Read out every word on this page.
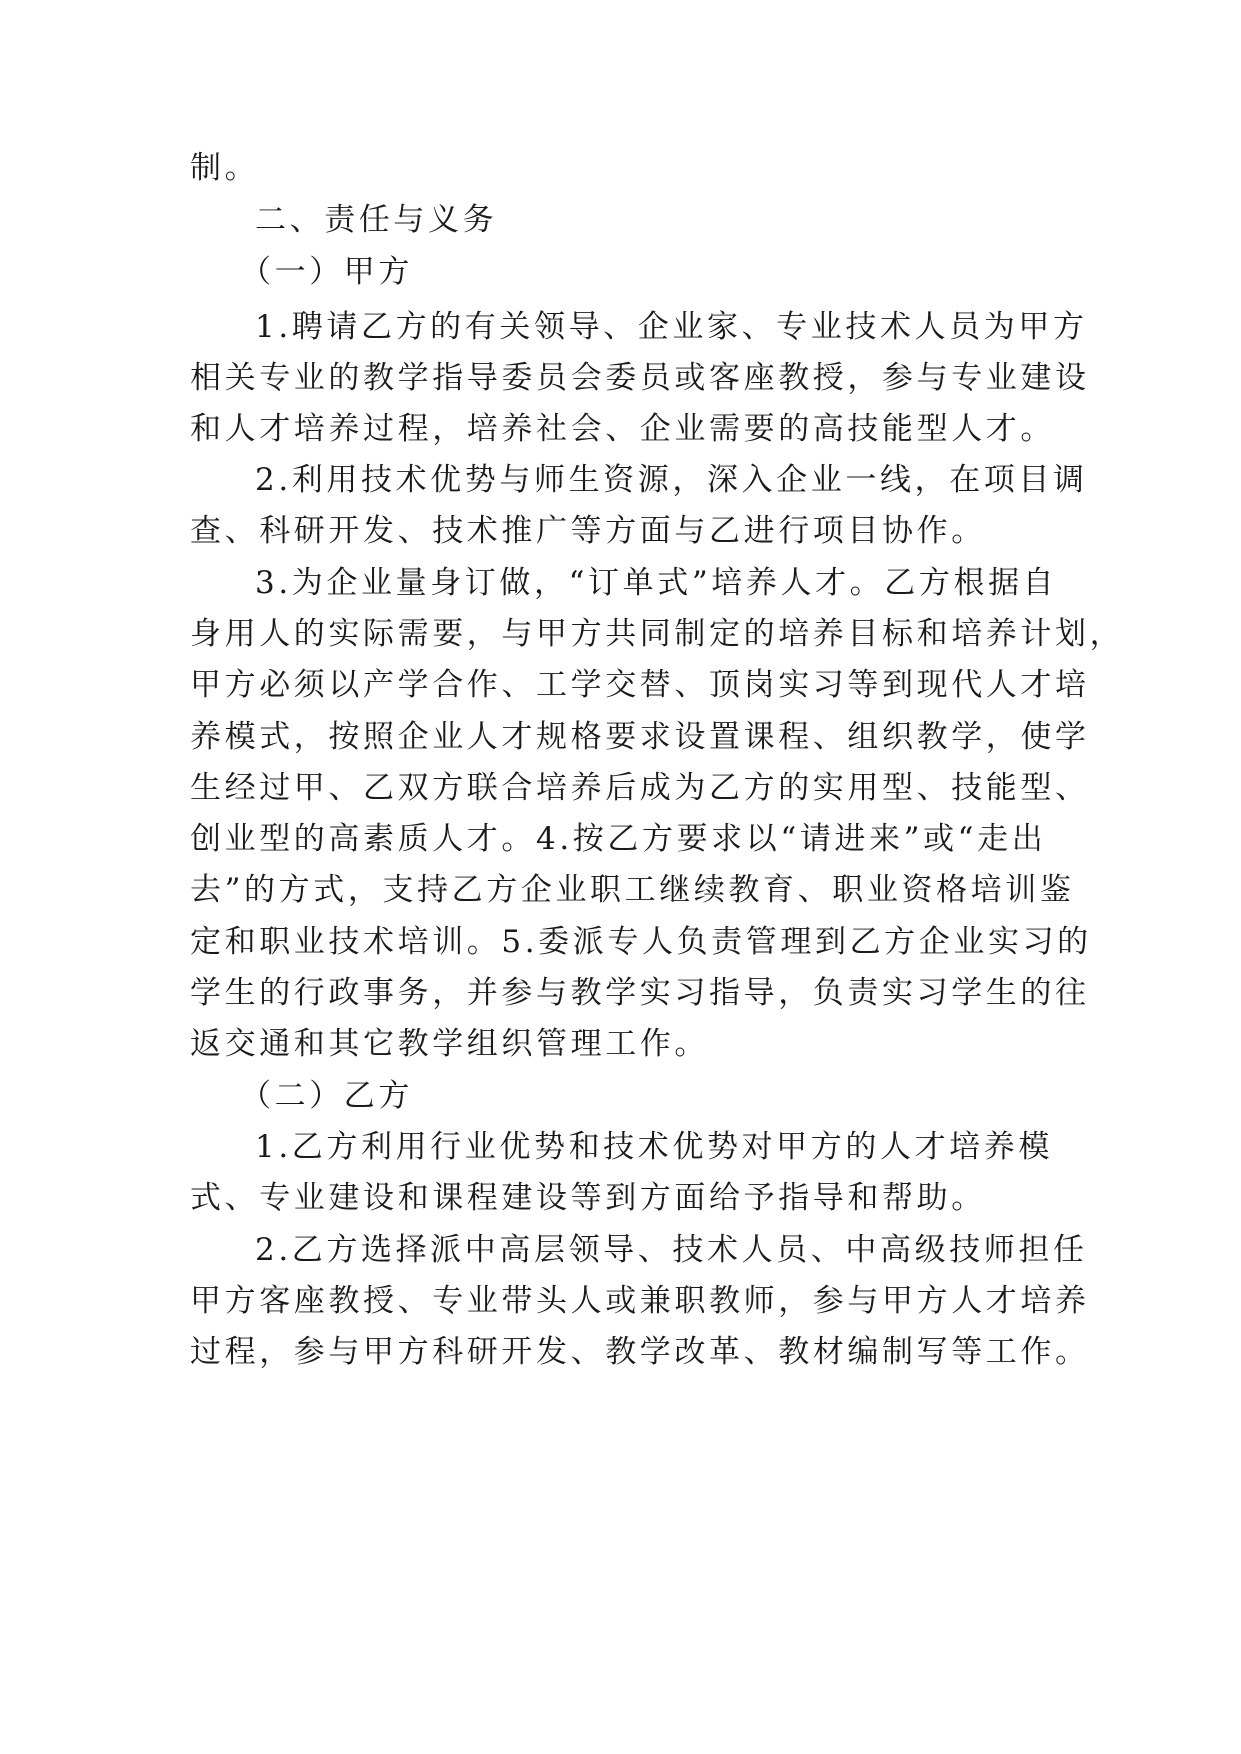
制。
二、责任与义务
（一）甲方
1.聘请乙方的有关领导、企业家、专业技术人员为甲方
相关专业的教学指导委员会委员或客座教授，参与专业建设
和人才培养过程，培养社会、企业需要的高技能型人才。
2.利用技术优势与师生资源，深入企业一线，在项目调
查、科研开发、技术推广等方面与乙进行项目协作。
3.为企业量身订做，“订单式”培养人才。乙方根据自
身用人的实际需要，与甲方共同制定的培养目标和培养计划，
甲方必须以产学合作、工学交替、顶岗实习等到现代人才培
养模式，按照企业人才规格要求设置课程、组织教学，使学
生经过甲、乙双方联合培养后成为乙方的实用型、技能型、
创业型的高素质人才。4.按乙方要求以“请进来”或“走出
去”的方式，支持乙方企业职工继续教育、职业资格培训鉴
定和职业技术培训。5.委派专人负责管理到乙方企业实习的
学生的行政事务，并参与教学实习指导，负责实习学生的往
返交通和其它教学组织管理工作。
（二）乙方
1.乙方利用行业优势和技术优势对甲方的人才培养模
式、专业建设和课程建设等到方面给予指导和帮助。
2.乙方选择派中高层领导、技术人员、中高级技师担任
甲方客座教授、专业带头人或兼职教师，参与甲方人才培养
过程，参与甲方科研开发、教学改革、教材编制写等工作。
